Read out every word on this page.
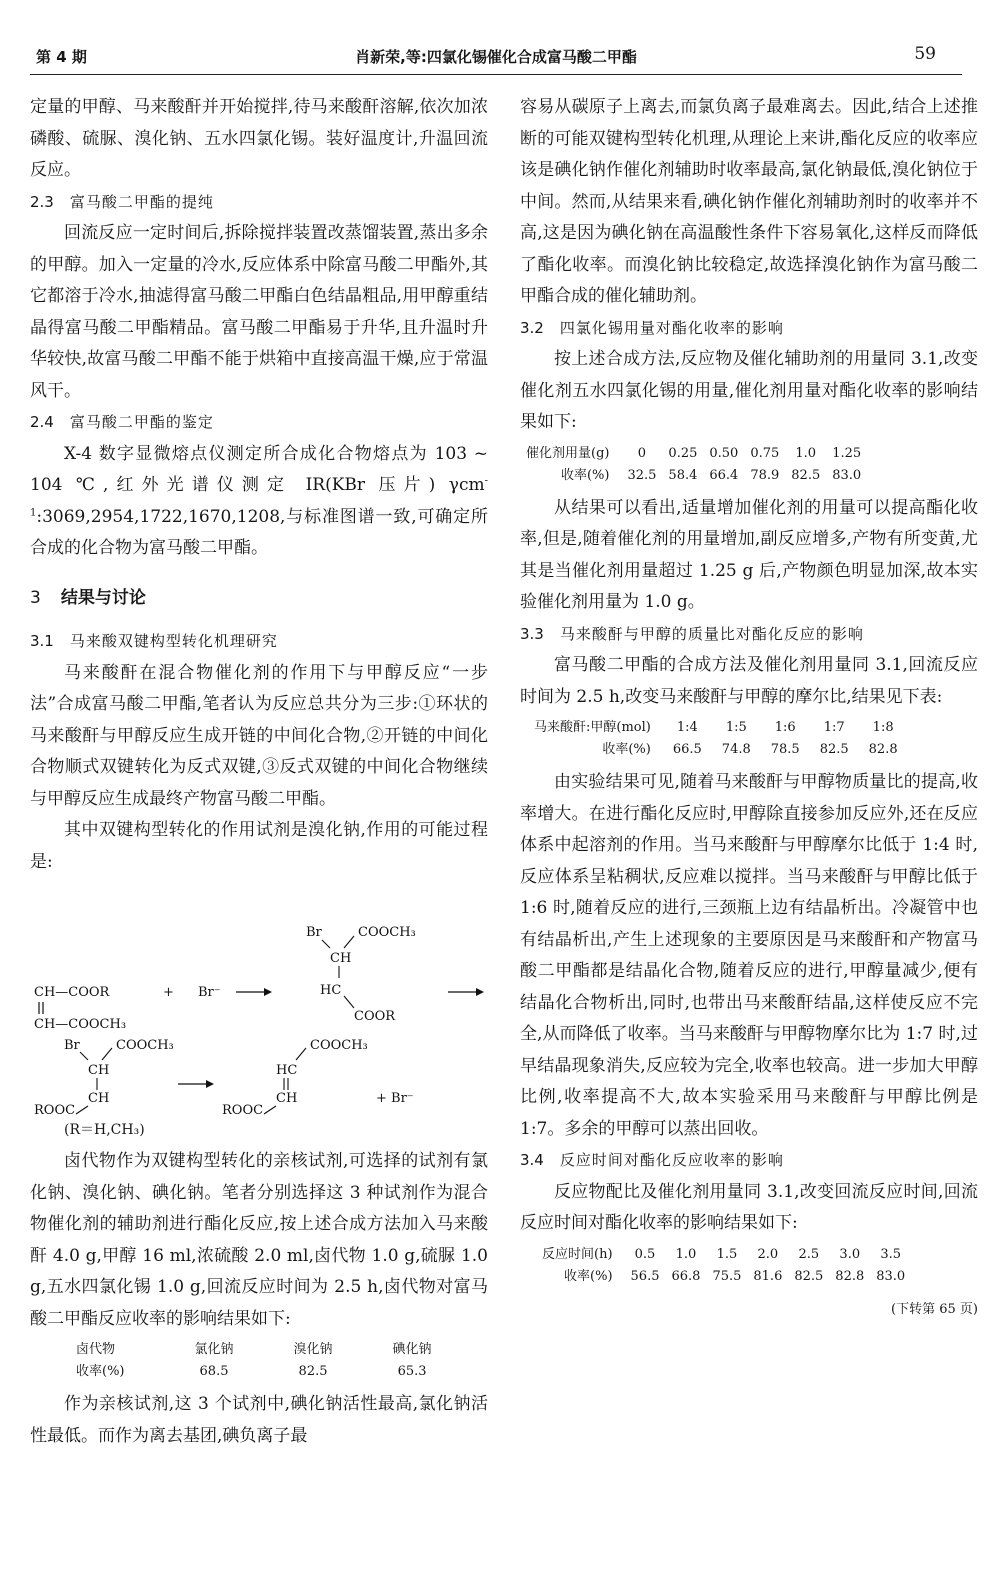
第 4 期	肖新荣,等:四氯化锡催化合成富马酸二甲酯	59

定量的甲醇、马来酸酐并开始搅拌,待马来酸酐溶解,依次加浓磷酸、硫脲、溴化钠、五水四氯化锡。装好温度计,升温回流反应。

2.3 富马酸二甲酯的提纯

回流反应一定时间后,拆除搅拌装置改蒸馏装置,蒸出多余的甲醇。加入一定量的冷水,反应体系中除富马酸二甲酯外,其它都溶于冷水,抽滤得富马酸二甲酯白色结晶粗品,用甲醇重结晶得富马酸二甲酯精品。富马酸二甲酯易于升华,且升温时升华较快,故富马酸二甲酯不能于烘箱中直接高温干燥,应于常温风干。

2.4 富马酸二甲酯的鉴定

X-4 数字显微熔点仪测定所合成化合物熔点为 103 ~ 104 ℃,红外光谱仪测定 IR(KBr 压片) γcm$^{-1}$:3069,2954,1722,1670,1208,与标准图谱一致,可确定所合成的化合物为富马酸二甲酯。

3 结果与讨论

3.1 马来酸双键构型转化机理研究

马来酸酐在混合物催化剂的作用下与甲醇反应“一步法”合成富马酸二甲酯,笔者认为反应总共分为三步:①环状的马来酸酐与甲醇反应生成开链的中间化合物,②开链的中间化合物顺式双键转化为反式双键,③反式双键的中间化合物继续与甲醇反应生成最终产物富马酸二甲酯。

其中双键构型转化的作用试剂是溴化钠,作用的可能过程是:

CH—COOR
CH—COOCH₃
+ Br⁻
Br	COOCH₃
CH
HC
COOR
Br	COOCH₃
CH
CH
ROOC
COOCH₃
HC
CH
ROOC
+ Br⁻
(R＝H,CH₃)

卤代物作为双键构型转化的亲核试剂,可选择的试剂有氯化钠、溴化钠、碘化钠。笔者分别选择这 3 种试剂作为混合物催化剂的辅助剂进行酯化反应,按上述合成方法加入马来酸酐 4.0 g,甲醇 16 ml,浓硫酸 2.0 ml,卤代物 1.0 g,硫脲 1.0 g,五水四氯化锡 1.0 g,回流反应时间为 2.5 h,卤代物对富马酸二甲酯反应收率的影响结果如下:

卤代物	氯化钠	溴化钠	碘化钠
收率(%)	68.5	82.5	65.3

作为亲核试剂,这 3 个试剂中,碘化钠活性最高,氯化钠活性最低。而作为离去基团,碘负离子最

容易从碳原子上离去,而氯负离子最难离去。因此,结合上述推断的可能双键构型转化机理,从理论上来讲,酯化反应的收率应该是碘化钠作催化剂辅助时收率最高,氯化钠最低,溴化钠位于中间。然而,从结果来看,碘化钠作催化剂辅助剂时的收率并不高,这是因为碘化钠在高温酸性条件下容易氧化,这样反而降低了酯化收率。而溴化钠比较稳定,故选择溴化钠作为富马酸二甲酯合成的催化辅助剂。

3.2 四氯化锡用量对酯化收率的影响

按上述合成方法,反应物及催化辅助剂的用量同 3.1,改变催化剂五水四氯化锡的用量,催化剂用量对酯化收率的影响结果如下:

催化剂用量(g)	0	0.25	0.50	0.75	1.0	1.25
收率(%)	32.5	58.4	66.4	78.9	82.5	83.0

从结果可以看出,适量增加催化剂的用量可以提高酯化收率,但是,随着催化剂的用量增加,副反应增多,产物有所变黄,尤其是当催化剂用量超过 1.25 g 后,产物颜色明显加深,故本实验催化剂用量为 1.0 g。

3.3 马来酸酐与甲醇的质量比对酯化反应的影响

富马酸二甲酯的合成方法及催化剂用量同 3.1,回流反应时间为 2.5 h,改变马来酸酐与甲醇的摩尔比,结果见下表:

马来酸酐:甲醇(mol)	1:4	1:5	1:6	1:7	1:8
收率(%)	66.5	74.8	78.5	82.5	82.8

由实验结果可见,随着马来酸酐与甲醇物质量比的提高,收率增大。在进行酯化反应时,甲醇除直接参加反应外,还在反应体系中起溶剂的作用。当马来酸酐与甲醇摩尔比低于 1:4 时,反应体系呈粘稠状,反应难以搅拌。当马来酸酐与甲醇比低于 1:6 时,随着反应的进行,三颈瓶上边有结晶析出。冷凝管中也有结晶析出,产生上述现象的主要原因是马来酸酐和产物富马酸二甲酯都是结晶化合物,随着反应的进行,甲醇量减少,便有结晶化合物析出,同时,也带出马来酸酐结晶,这样使反应不完全,从而降低了收率。当马来酸酐与甲醇物摩尔比为 1:7 时,过早结晶现象消失,反应较为完全,收率也较高。进一步加大甲醇比例,收率提高不大,故本实验采用马来酸酐与甲醇比例是 1:7。多余的甲醇可以蒸出回收。

3.4 反应时间对酯化反应收率的影响

反应物配比及催化剂用量同 3.1,改变回流反应时间,回流反应时间对酯化收率的影响结果如下:

反应时间(h)	0.5	1.0	1.5	2.0	2.5	3.0	3.5
收率(%)	56.5	66.8	75.5	81.6	82.5	82.8	83.0
(下转第 65 页)
